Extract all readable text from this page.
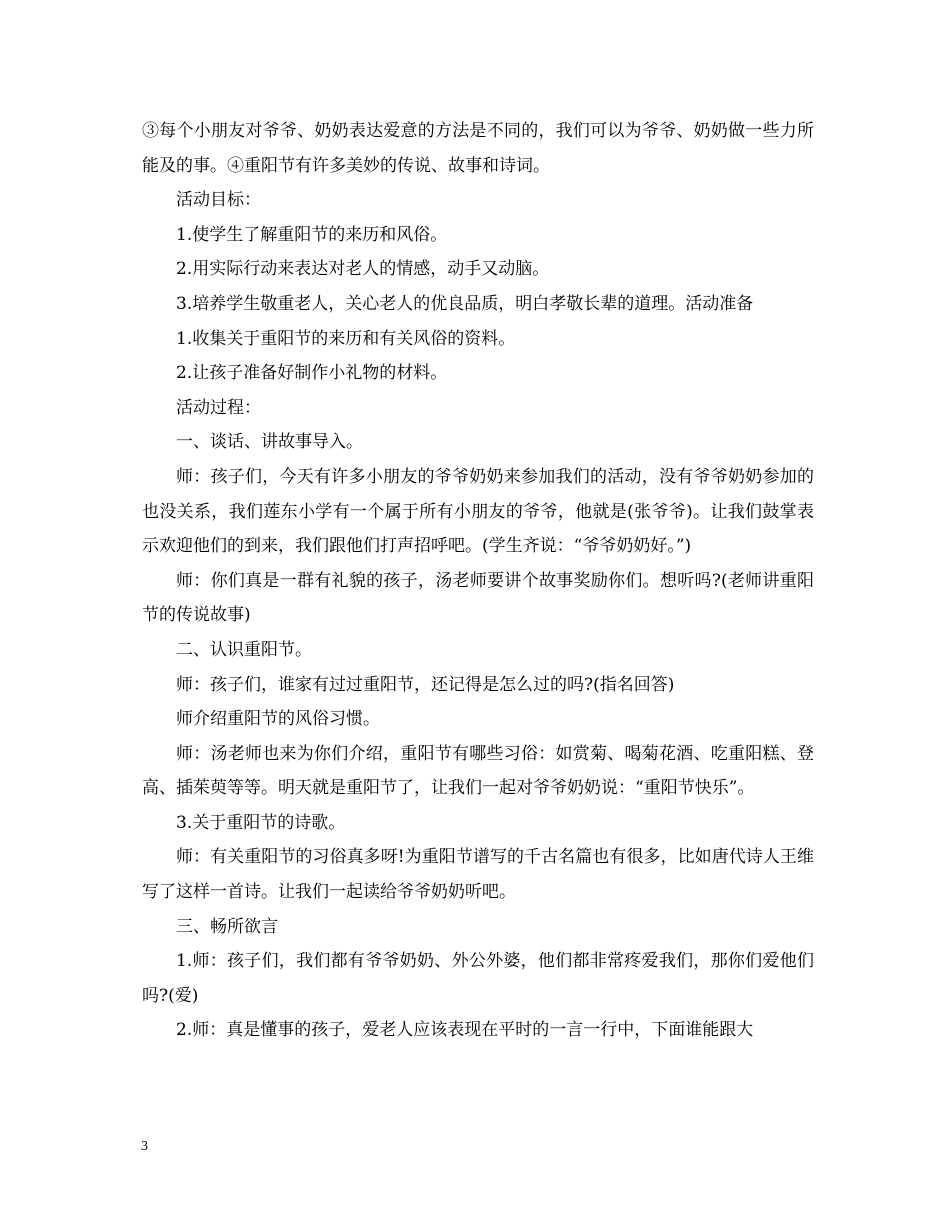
③每个小朋友对爷爷、奶奶表达爱意的方法是不同的，我们可以为爷爷、奶奶做一些力所能及的事。④重阳节有许多美妙的传说、故事和诗词。

活动目标：

1.使学生了解重阳节的来历和风俗。

2.用实际行动来表达对老人的情感，动手又动脑。

3.培养学生敬重老人，关心老人的优良品质，明白孝敬长辈的道理。活动准备

1.收集关于重阳节的来历和有关风俗的资料。

2.让孩子准备好制作小礼物的材料。

活动过程：

一、谈话、讲故事导入。

师：孩子们，今天有许多小朋友的爷爷奶奶来参加我们的活动，没有爷爷奶奶参加的也没关系，我们莲东小学有一个属于所有小朋友的爷爷，他就是(张爷爷)。让我们鼓掌表示欢迎他们的到来，我们跟他们打声招呼吧。(学生齐说：“爷爷奶奶好。”)

师：你们真是一群有礼貌的孩子，汤老师要讲个故事奖励你们。想听吗?(老师讲重阳节的传说故事)

二、认识重阳节。

师：孩子们，谁家有过过重阳节，还记得是怎么过的吗?(指名回答)

师介绍重阳节的风俗习惯。

师：汤老师也来为你们介绍，重阳节有哪些习俗：如赏菊、喝菊花酒、吃重阳糕、登高、插茱萸等等。明天就是重阳节了，让我们一起对爷爷奶奶说：“重阳节快乐”。

3.关于重阳节的诗歌。

师：有关重阳节的习俗真多呀!为重阳节谱写的千古名篇也有很多，比如唐代诗人王维写了这样一首诗。让我们一起读给爷爷奶奶听吧。

三、畅所欲言

1.师：孩子们，我们都有爷爷奶奶、外公外婆，他们都非常疼爱我们，那你们爱他们吗?(爱)

2.师：真是懂事的孩子，爱老人应该表现在平时的一言一行中，下面谁能跟大

3
